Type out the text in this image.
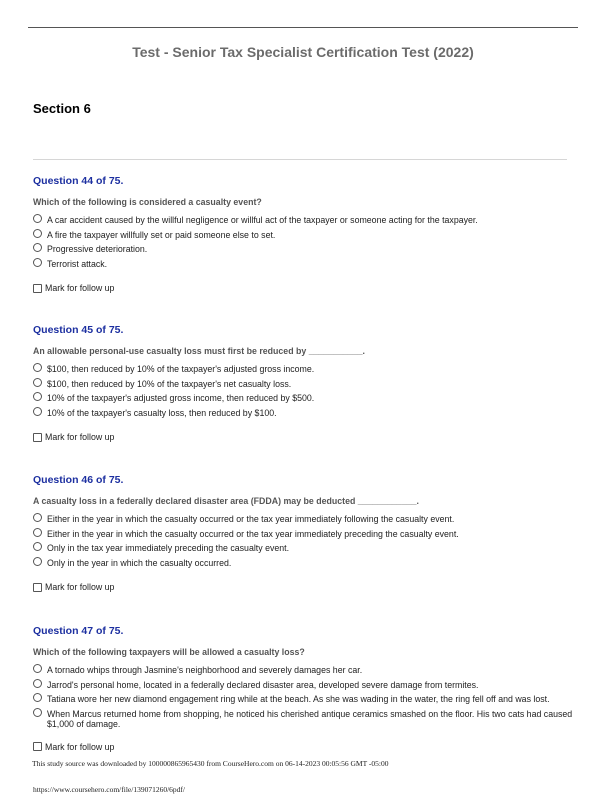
Test - Senior Tax Specialist Certification Test (2022)
Section 6
Question 44 of 75.
Which of the following is considered a casualty event?
A car accident caused by the willful negligence or willful act of the taxpayer or someone acting for the taxpayer.
A fire the taxpayer willfully set or paid someone else to set.
Progressive deterioration.
Terrorist attack.
Mark for follow up
Question 45 of 75.
An allowable personal-use casualty loss must first be reduced by ___________.
$100, then reduced by 10% of the taxpayer's adjusted gross income.
$100, then reduced by 10% of the taxpayer's net casualty loss.
10% of the taxpayer's adjusted gross income, then reduced by $500.
10% of the taxpayer's casualty loss, then reduced by $100.
Mark for follow up
Question 46 of 75.
A casualty loss in a federally declared disaster area (FDDA) may be deducted ____________.
Either in the year in which the casualty occurred or the tax year immediately following the casualty event.
Either in the year in which the casualty occurred or the tax year immediately preceding the casualty event.
Only in the tax year immediately preceding the casualty event.
Only in the year in which the casualty occurred.
Mark for follow up
Question 47 of 75.
Which of the following taxpayers will be allowed a casualty loss?
A tornado whips through Jasmine's neighborhood and severely damages her car.
Jarrod's personal home, located in a federally declared disaster area, developed severe damage from termites.
Tatiana wore her new diamond engagement ring while at the beach. As she was wading in the water, the ring fell off and was lost.
When Marcus returned home from shopping, he noticed his cherished antique ceramics smashed on the floor. His two cats had caused $1,000 of damage.
Mark for follow up
This study source was downloaded by 100000865965430 from CourseHero.com on 06-14-2023 00:05:56 GMT -05:00
https://www.coursehero.com/file/139071260/6pdf/
